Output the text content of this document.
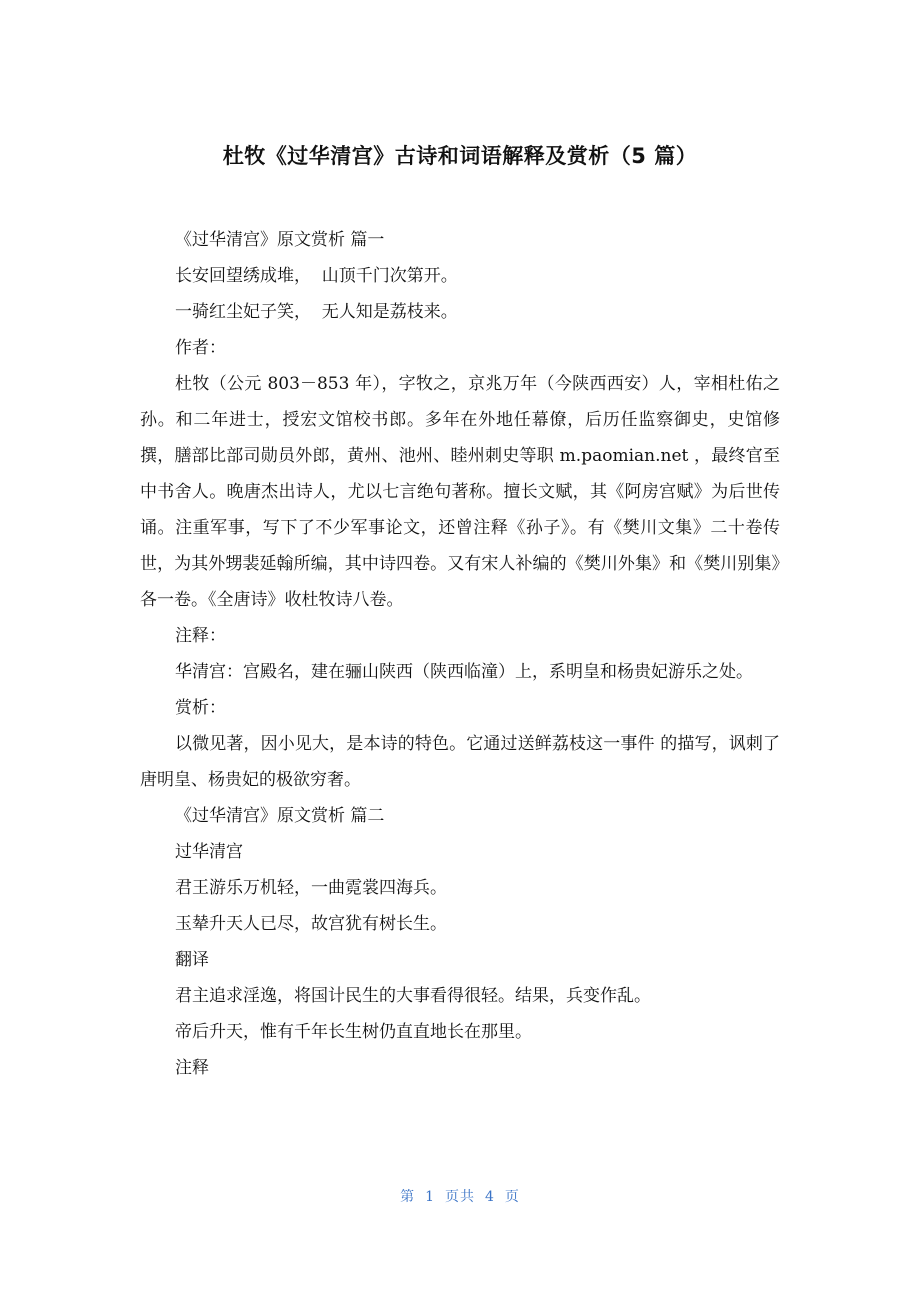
杜牧《过华清宫》古诗和词语解释及赏析（5 篇）

《过华清宫》原文赏析 篇一

长安回望绣成堆，  山顶千门次第开。

一骑红尘妃子笑，  无人知是荔枝来。

作者：

杜牧（公元 803－853 年），字牧之，京兆万年（今陕西西安）人，宰相杜佑之孙。和二年进士，授宏文馆校书郎。多年在外地任幕僚，后历任监察御史，史馆修撰，膳部比部司勋员外郎，黄州、池州、睦州刺史等职 m.paomian.net ，最终官至中书舍人。晚唐杰出诗人，尤以七言绝句著称。擅长文赋，其《阿房宫赋》为后世传诵。注重军事，写下了不少军事论文，还曾注释《孙子》。有《樊川文集》二十卷传世，为其外甥裴延翰所编，其中诗四卷。又有宋人补编的《樊川外集》和《樊川别集》各一卷。《全唐诗》收杜牧诗八卷。

注释：

华清宫：宫殿名，建在骊山陕西（陕西临潼）上，系明皇和杨贵妃游乐之处。

赏析：

以微见著，因小见大，是本诗的特色。它通过送鲜荔枝这一事件 的描写，讽刺了唐明皇、杨贵妃的极欲穷奢。

《过华清宫》原文赏析 篇二

过华清宫

君王游乐万机轻，一曲霓裳四海兵。

玉辇升天人已尽，故宫犹有树长生。

翻译

君主追求淫逸，将国计民生的大事看得很轻。结果，兵变作乱。

帝后升天，惟有千年长生树仍直直地长在那里。

注释

第 1 页共 4 页
